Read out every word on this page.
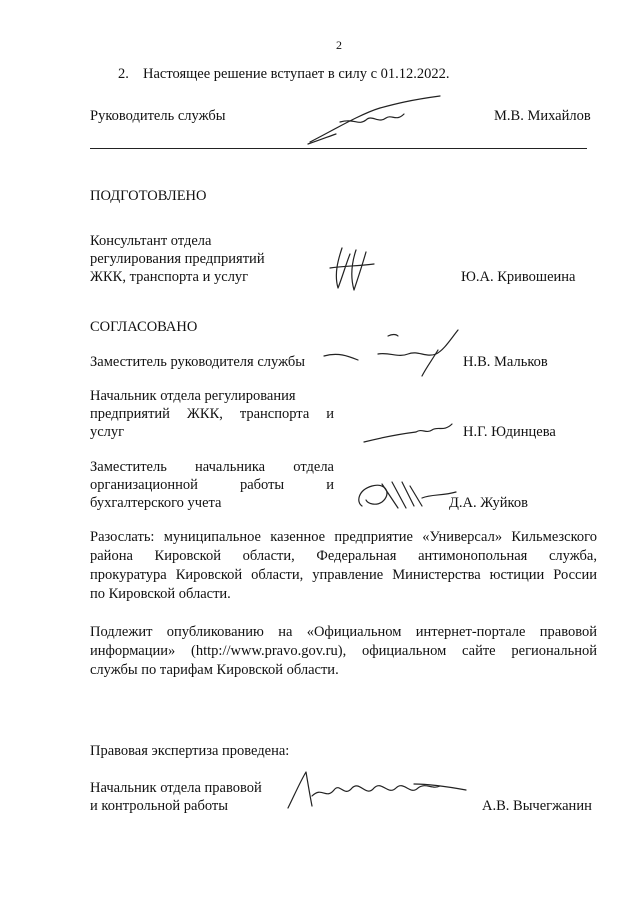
2
2. Настоящее решение вступает в силу с 01.12.2022.
Руководитель службы	М.В. Михайлов
ПОДГОТОВЛЕНО
Консультант отдела
регулирования предприятий
ЖКК, транспорта и услуг	Ю.А. Кривошеина
СОГЛАСОВАНО
Заместитель руководителя службы	Н.В. Мальков
Начальник отдела регулирования
предприятий ЖКК, транспорта и
услуг	Н.Г. Юдинцева
Заместитель начальника отдела
организационной работы и
бухгалтерского учета	Д.А. Жуйков
Разослать: муниципальное казенное предприятие «Универсал» Кильмезского
района Кировской области, Федеральная антимонопольная служба,
прокуратура Кировской области, управление Министерства юстиции России
по Кировской области.
Подлежит опубликованию на «Официальном интернет-портале правовой
информации» (http://www.pravo.gov.ru), официальном сайте региональной
службы по тарифам Кировской области.
Правовая экспертиза проведена:
Начальник отдела правовой
и контрольной работы	А.В. Вычегжанин
